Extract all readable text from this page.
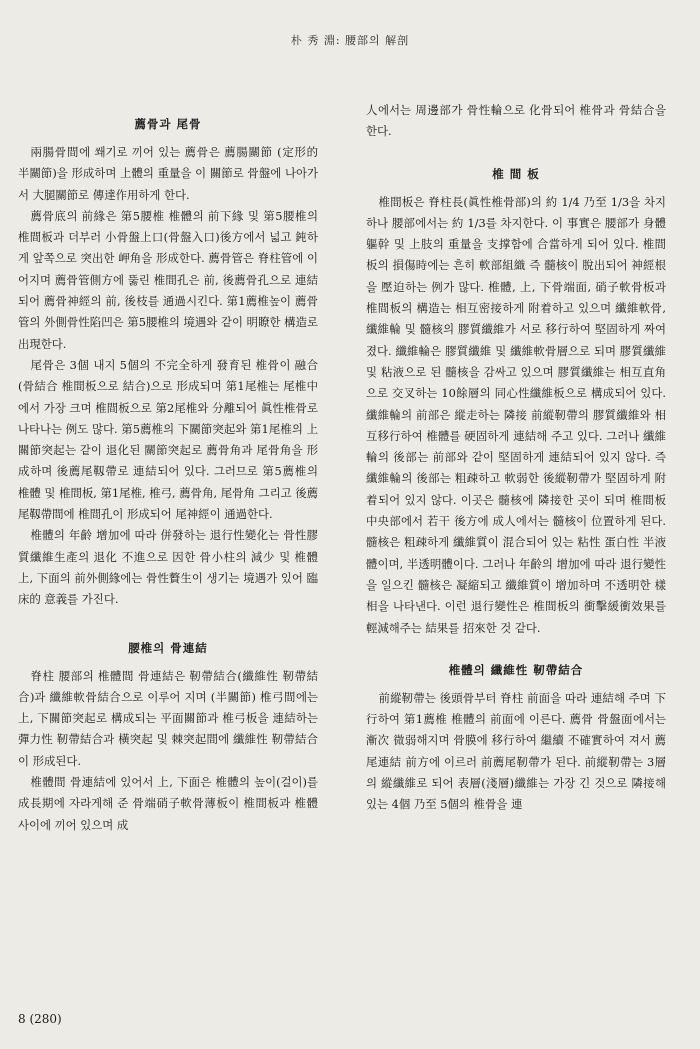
朴 秀 淵: 腰部의 解剖
薦骨과 尾骨

兩腸骨間에 쐐기로 끼어 있는 薦骨은 薦腸關節 (定形的 半關節)을 形成하며 上體의 重量을 이 關節로 骨盤에 나아가서 大腿關節로 傳達作用하게 한다.

薦骨底의 前緣은 第5腰椎 椎體의 前下緣 및 第5腰椎의 椎間板과 더부러 小骨盤上口(骨盤入口)後方에서 넓고 鈍하게 앞쪽으로 突出한 岬角을 形成한다. 薦骨管은 脊柱管에 이어지며 薦骨管側方에 뚫린 椎間孔은 前, 後薦骨孔으로 連結되어 薦骨神經의 前, 後枝를 通過시킨다. 第1薦椎높이 薦骨管의 外側骨性陷凹은 第5腰椎의 境遇와 같이 明瞭한 構造로 出現한다.

尾骨은 3個 내지 5個의 不完全하게 發育된 椎骨이 融合(骨結合 椎間板으로 結合)으로 形成되며 第1尾椎는 尾椎中에서 가장 크며 椎間板으로 第2尾椎와 分離되어 眞性椎骨로 나타나는 例도 많다. 第5薦椎의 下關節突起와 第1尾椎의 上關節突起는 같이 退化된 關節突起로 薦骨角과 尾骨角을 形成하며 後薦尾靱帶로 連結되어 있다. 그러므로 第5薦椎의 椎體 및 椎間板, 第1尾椎, 椎弓, 薦骨角, 尾骨角 그리고 後薦尾靱帶間에 椎間孔이 形成되어 尾神經이 通過한다.

椎體의 年齡 增加에 따라 併發하는 退行性變化는 骨性膠質纖維生產의 退化 不進으로 因한 骨小柱의 減少 및 椎體 上, 下面의 前外側緣에는 骨性贅生이 생기는 境遇가 있어 臨床的 意義를 가진다.

腰椎의 骨連結

脊柱 腰部의 椎體間 骨連結은 靭帶結合(纖維性 靭帶結合)과 纖維軟骨結合으로 이루어 지며 (半關節) 椎弓間에는 上, 下關節突起로 構成되는 平面關節과 椎弓板을 連結하는 彈力性 靭帶結合과 橫突起 및 棘突起間에 纖維性 靭帶結合이 形成된다.

椎體間 骨連結에 있어서 上, 下面은 椎體의 높이(걸이)를 成長期에 자라게해 준 骨端硝子軟骨薄板이 椎間板과 椎體 사이에 끼어 있으며 成

人에서는 周邊部가 骨性輪으로 化骨되어 椎骨과 骨結合을 한다.

椎 間 板

椎間板은 脊柱長(眞性椎骨部)의 約 1/4 乃至 1/3을 차지하나 腰部에서는 約 1/3를 차지한다. 이 事實은 腰部가 身體 軀幹 및 上肢의 重量을 支撑함에 合當하게 되어 있다. 椎間板의 損傷時에는 흔히 軟部組織 즉 髓核이 脫出되어 神經根을 壓迫하는 例가 많다. 椎體, 上, 下骨端面, 硝子軟骨板과 椎間板의 構造는 相互密接하게 附着하고 있으며 纖維軟骨, 纖維輪 및 髓核의 膠質纖維가 서로 移行하여 堅固하게 짜여졌다. 纖維輪은 膠質纖維 및 纖維軟骨層으로 되며 膠質纖維 및 粘液으로 된 髓核을 감싸고 있으며 膠質纖維는 相互直角으로 交叉하는 10餘層의 同心性纖維板으로 構成되어 있다. 纖維輪의 前部은 縱走하는 隣接 前縱靭帶의 膠質纖維와 相互移行하여 椎體를 硬固하게 連結해 주고 있다. 그러나 纖維輪의 後部는 前部와 같이 堅固하게 連結되어 있지 않다. 즉 纖維輪의 後部는 粗疎하고 軟弱한 後縱靭帶가 堅固하게 附着되어 있지 않다. 이곳은 髓核에 隣接한 곳이 되며 椎間板中央部에서 若干 後方에 成人에서는 髓核이 位置하게 된다. 髓核은 粗疎하게 纖維質이 混合되어 있는 粘性 蛋白性 半液體이며, 半透明體이다. 그러나 年齡의 增加에 따라 退行變性을 일으킨 髓核은 凝縮되고 纖維質이 增加하며 不透明한 樣相을 나타낸다. 이런 退行變性은 椎間板의 衝擊緩衝效果를 輕減해주는 結果를 招來한 것 같다.

椎體의 纖維性 靭帶結合

前縱靭帶는 後頭骨부터 脊柱 前面을 따라 連結해 주며 下行하여 第1薦椎 椎體의 前面에 이른다. 薦骨 骨盤面에서는 漸次 微弱해지며 骨膜에 移行하여 繼續 不確實하여 져서 薦尾連結 前方에 이르러 前薦尾靭帶가 된다. 前縱靭帶는 3層의 縱纖維로 되어 表層(淺層)纖維는 가장 긴 것으로 隣接해 있는 4個 乃至 5個의 椎骨을 連

8 (280)
